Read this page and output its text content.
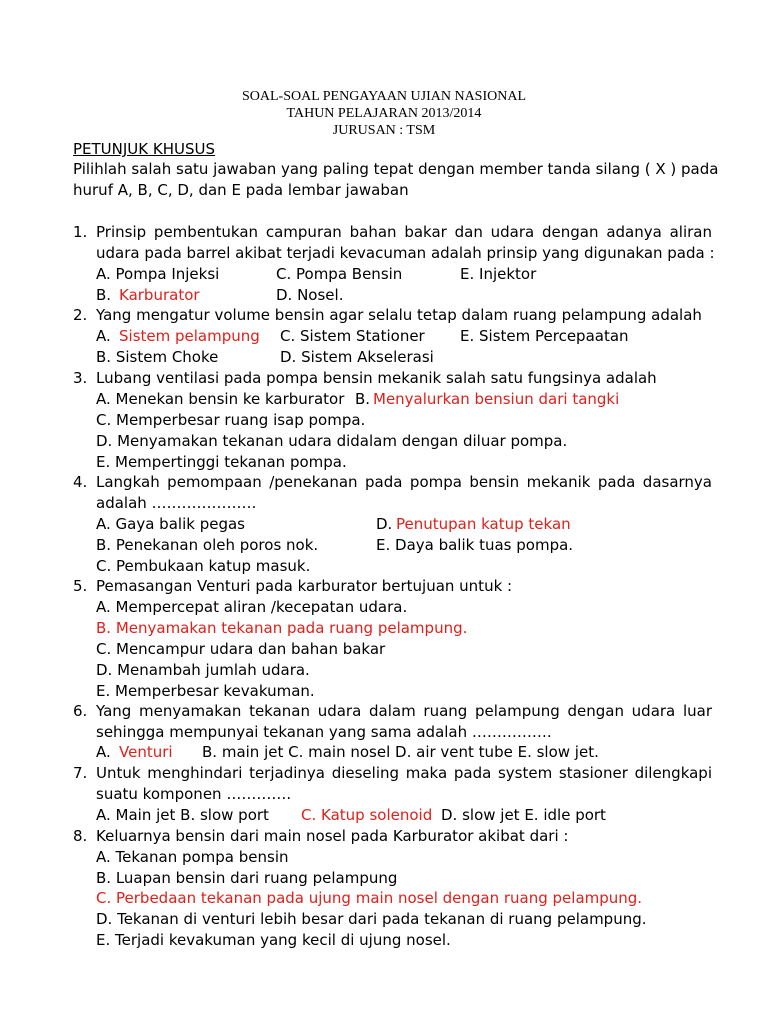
SOAL-SOAL PENGAYAAN UJIAN NASIONAL
TAHUN PELAJARAN 2013/2014
JURUSAN : TSM
PETUNJUK KHUSUS
Pilihlah salah satu jawaban yang paling tepat dengan member tanda silang ( X ) pada
huruf A, B, C, D, dan E pada lembar jawaban
1. Prinsip pembentukan campuran bahan bakar dan udara dengan adanya aliran
udara pada barrel akibat terjadi kevacuman adalah prinsip yang digunakan pada :
A. Pompa Injeksi	C. Pompa Bensin	E. Injektor
B. Karburator	D. Nosel.
2. Yang mengatur volume bensin agar selalu tetap dalam ruang pelampung adalah
A. Sistem pelampung C. Sistem Stationer E. Sistem Percepaatan
B. Sistem Choke	D. Sistem Akselerasi
3. Lubang ventilasi pada pompa bensin mekanik salah satu fungsinya adalah
A. Menekan bensin ke karburator B. Menyalurkan bensiun dari tangki
C. Memperbesar ruang isap pompa.
D. Menyamakan tekanan udara didalam dengan diluar pompa.
E. Mempertinggi tekanan pompa.
4. Langkah pemompaan /penekanan pada pompa bensin mekanik pada dasarnya
adalah …………………
A. Gaya balik pegas	D. Penutupan katup tekan
B. Penekanan oleh poros nok.	E. Daya balik tuas pompa.
C. Pembukaan katup masuk.
5. Pemasangan Venturi pada karburator bertujuan untuk :
A. Mempercepat aliran /kecepatan udara.
B. Menyamakan tekanan pada ruang pelampung.
C. Mencampur udara dan bahan bakar
D. Menambah jumlah udara.
E. Memperbesar kevakuman.
6. Yang menyamakan tekanan udara dalam ruang pelampung dengan udara luar
sehingga mempunyai tekanan yang sama adalah …………….
A. Venturi B. main jet C. main nosel D. air vent tube E. slow jet.
7. Untuk menghindari terjadinya dieseling maka pada system stasioner dilengkapi
suatu komponen ………….
A. Main jet B. slow port C. Katup solenoid D. slow jet E. idle port
8. Keluarnya bensin dari main nosel pada Karburator akibat dari :
A. Tekanan pompa bensin
B. Luapan bensin dari ruang pelampung
C. Perbedaan tekanan pada ujung main nosel dengan ruang pelampung.
D. Tekanan di venturi lebih besar dari pada tekanan di ruang pelampung.
E. Terjadi kevakuman yang kecil di ujung nosel.
